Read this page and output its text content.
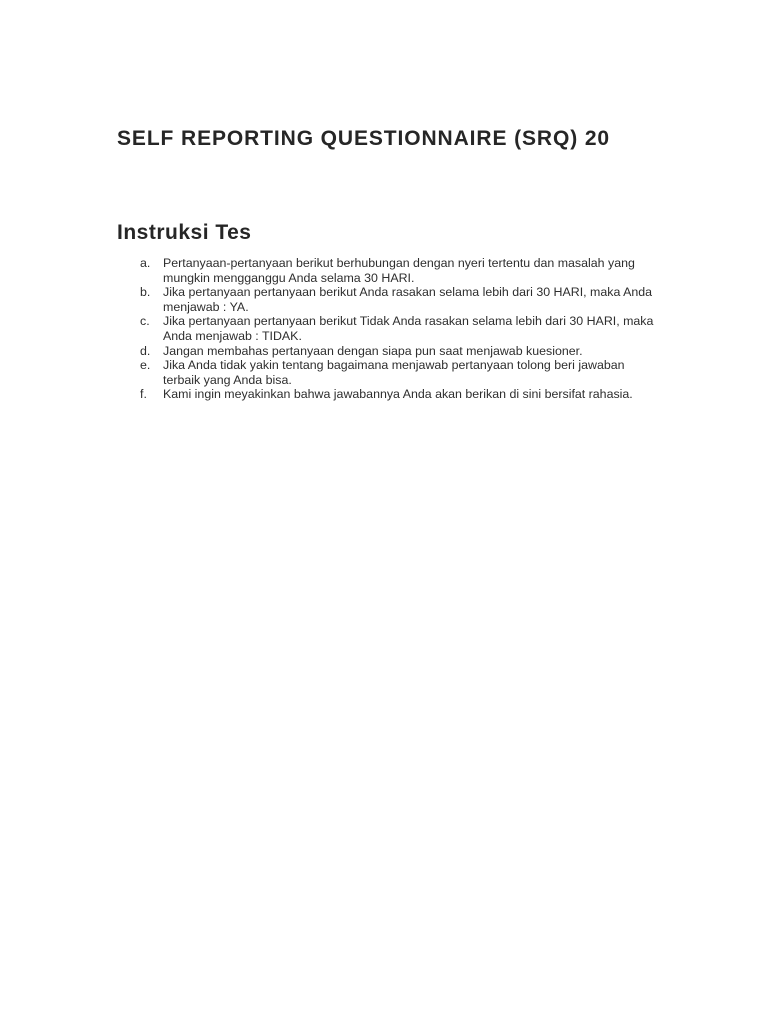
SELF REPORTING QUESTIONNAIRE (SRQ) 20
Instruksi Tes
a. Pertanyaan-pertanyaan berikut berhubungan dengan nyeri tertentu dan masalah yang mungkin mengganggu Anda selama 30 HARI.
b. Jika pertanyaan pertanyaan berikut Anda rasakan selama lebih dari 30 HARI, maka Anda menjawab : YA.
c. Jika pertanyaan pertanyaan berikut Tidak Anda rasakan selama lebih dari 30 HARI, maka Anda menjawab : TIDAK.
d. Jangan membahas pertanyaan dengan siapa pun saat menjawab kuesioner.
e. Jika Anda tidak yakin tentang bagaimana menjawab pertanyaan tolong beri jawaban terbaik yang Anda bisa.
f. Kami ingin meyakinkan bahwa jawabannya Anda akan berikan di sini bersifat rahasia.
